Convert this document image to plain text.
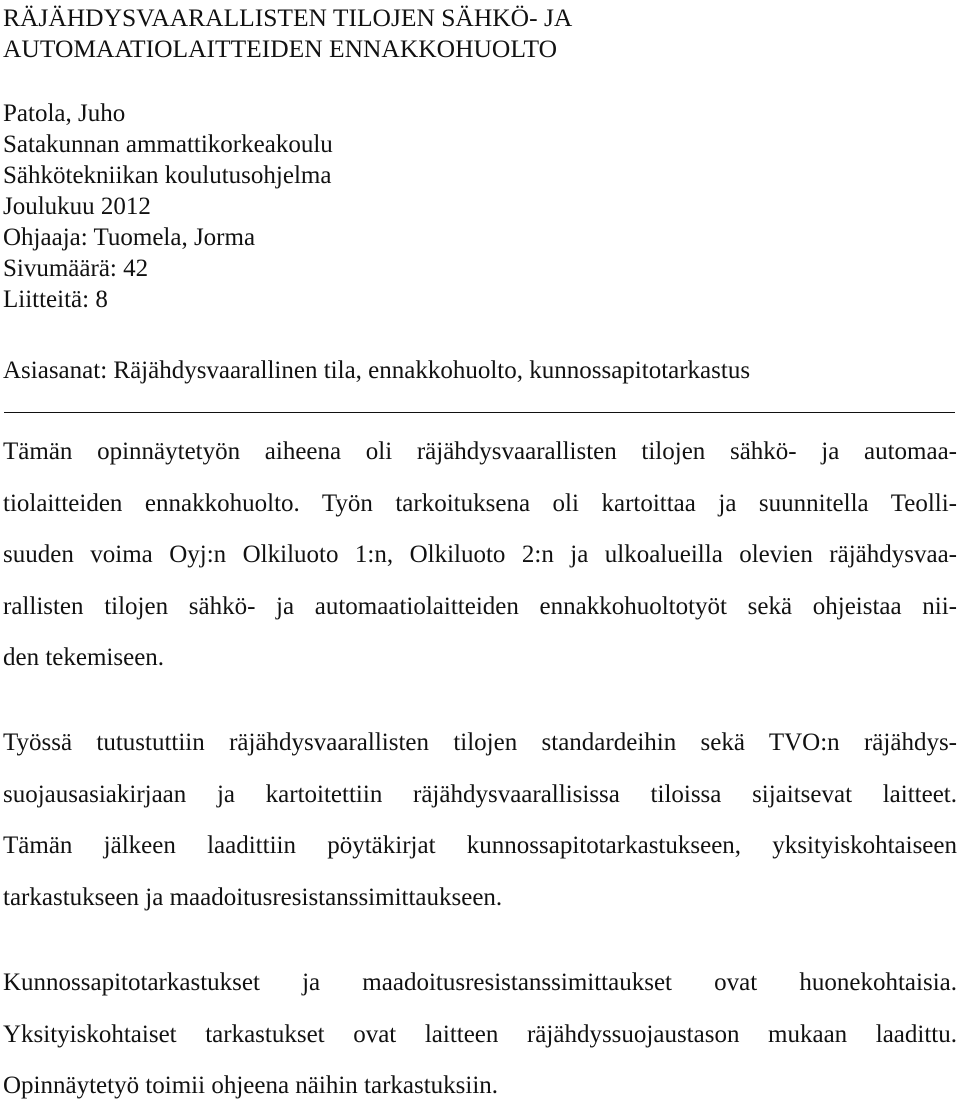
RÄJÄHDYSVAARALLISTEN TILOJEN SÄHKÖ- JA
AUTOMAATIOLAITTEIDEN ENNAKKOHUOLTO
Patola, Juho
Satakunnan ammattikorkeakoulu
Sähkötekniikan koulutusohjelma
Joulukuu 2012
Ohjaaja: Tuomela, Jorma
Sivumäärä: 42
Liitteitä: 8
Asiasanat: Räjähdysvaarallinen tila, ennakkohuolto, kunnossapitotarkastus
Tämän opinnäytetyön aiheena oli räjähdysvaarallisten tilojen sähkö- ja automaa-
tiolaitteiden ennakkohuolto. Työn tarkoituksena oli kartoittaa ja suunnitella Teolli-
suuden voima Oyj:n Olkiluoto 1:n, Olkiluoto 2:n ja ulkoalueilla olevien räjähdysvaa-
rallisten tilojen sähkö- ja automaatiolaitteiden ennakkohuoltotyöt sekä ohjeistaa nii-
den tekemiseen.
Työssä tutustuttiin räjähdysvaarallisten tilojen standardeihin sekä TVO:n räjähdys-
suojausasiakirjaan ja kartoitettiin räjähdysvaarallisissa tiloissa sijaitsevat laitteet.
Tämän jälkeen laadittiin pöytäkirjat kunnossapitotarkastukseen, yksityiskohtaiseen
tarkastukseen ja maadoitusresistanssimittaukseen.
Kunnossapitotarkastukset ja maadoitusresistanssimittaukset ovat huonekohtaisia.
Yksityiskohtaiset tarkastukset ovat laitteen räjähdyssuojaustason mukaan laadittu.
Opinnäytetyö toimii ohjeena näihin tarkastuksiin.
